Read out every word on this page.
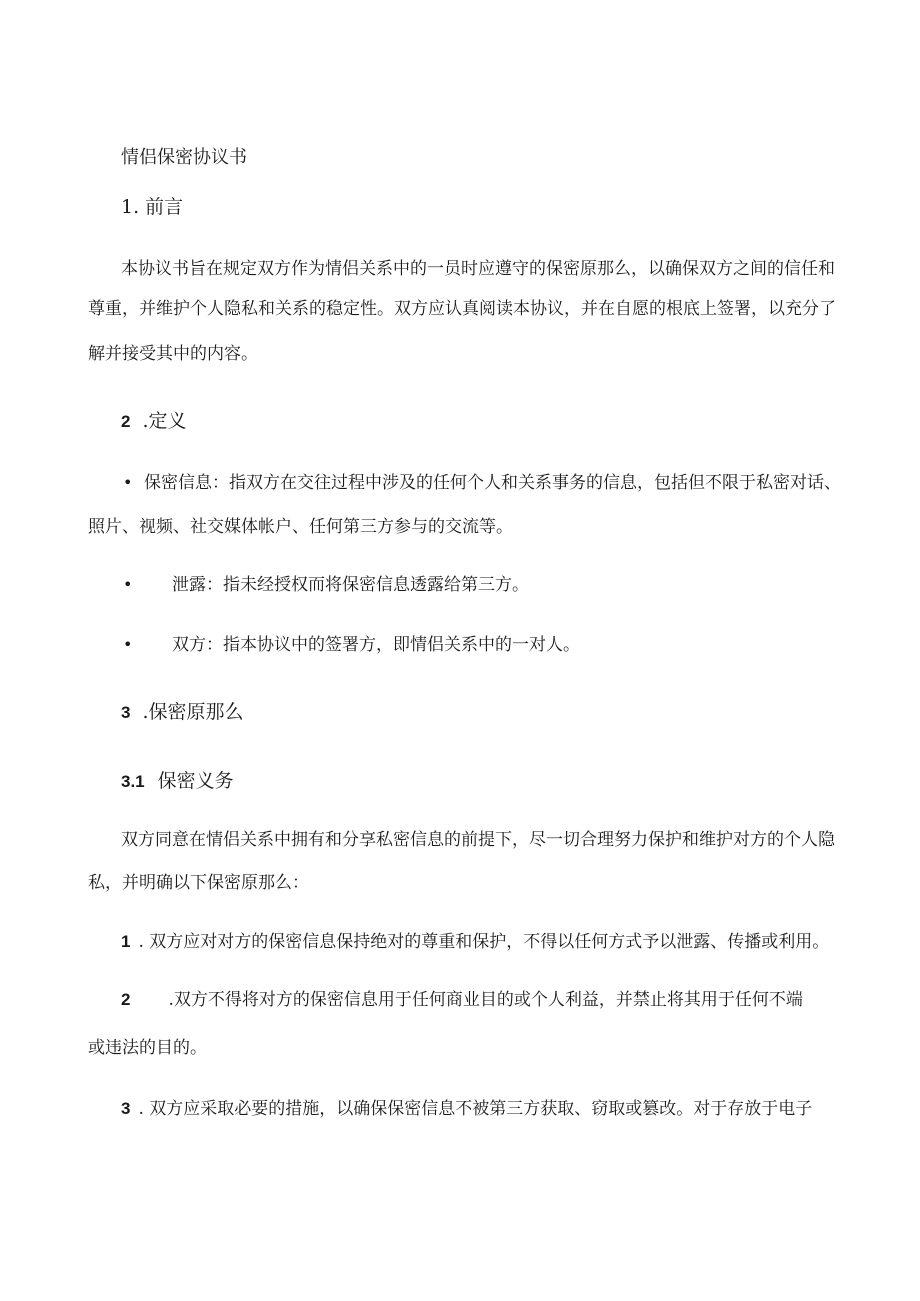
情侣保密协议书
1. 前言
本协议书旨在规定双方作为情侣关系中的一员时应遵守的保密原那么，以确保双方之间的信任和
尊重，并维护个人隐私和关系的稳定性。双方应认真阅读本协议，并在自愿的根底上签署，以充分了
解并接受其中的内容。
2 .定义
• 保密信息：指双方在交往过程中涉及的任何个人和关系事务的信息，包括但不限于私密对话、
照片、视频、社交媒体帐户、任何第三方参与的交流等。
• 泄露：指未经授权而将保密信息透露给第三方。
• 双方：指本协议中的签署方，即情侣关系中的一对人。
3 .保密原那么
3.1 保密义务
双方同意在情侣关系中拥有和分享私密信息的前提下，尽一切合理努力保护和维护对方的个人隐
私，并明确以下保密原那么：
1 . 双方应对对方的保密信息保持绝对的尊重和保护，不得以任何方式予以泄露、传播或利用。
2 .双方不得将对方的保密信息用于任何商业目的或个人利益，并禁止将其用于任何不端
或违法的目的。
3 . 双方应采取必要的措施，以确保保密信息不被第三方获取、窃取或篡改。对于存放于电子
